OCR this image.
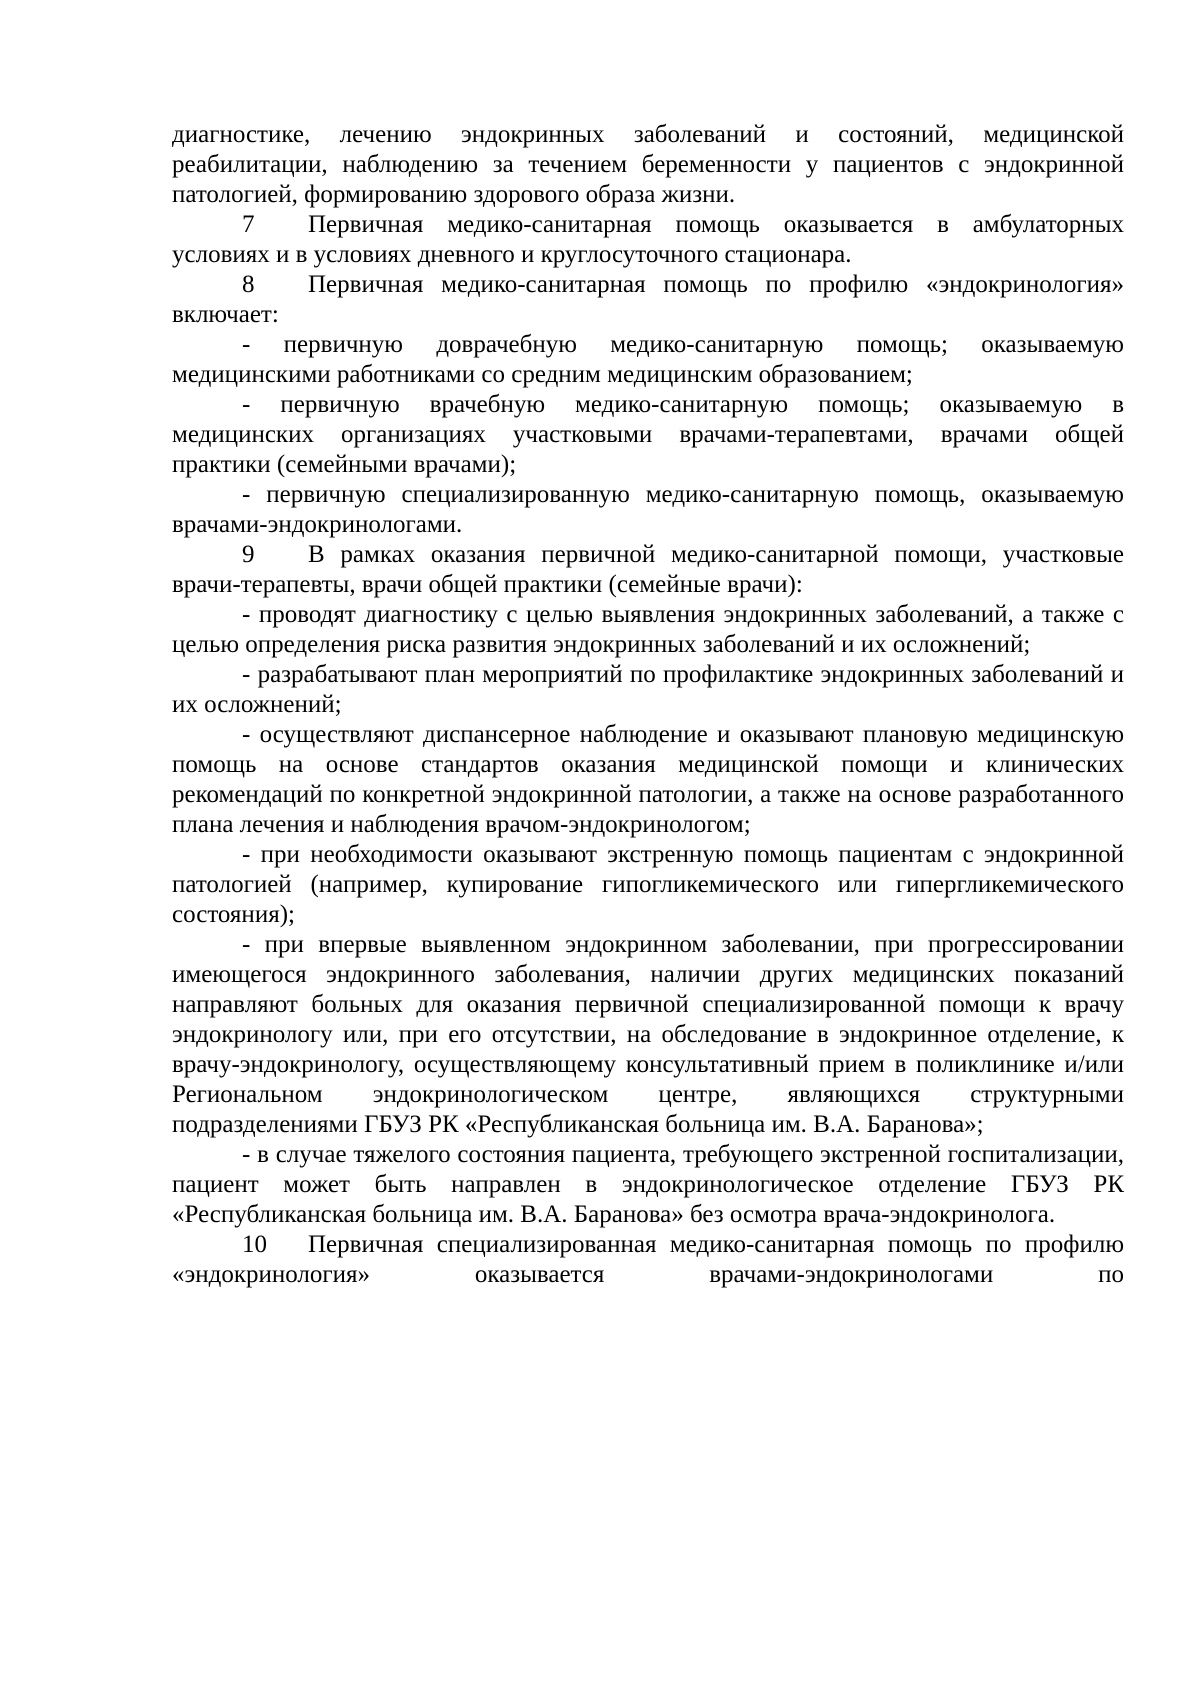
диагностике, лечению эндокринных заболеваний и состояний, медицинской реабилитации, наблюдению за течением беременности у пациентов с эндокринной патологией, формированию здорового образа жизни.

7 Первичная медико-санитарная помощь оказывается в амбулаторных условиях и в условиях дневного и круглосуточного стационара.

8 Первичная медико-санитарная помощь по профилю «эндокринология» включает:

- первичную доврачебную медико-санитарную помощь; оказываемую медицинскими работниками со средним медицинским образованием;

- первичную врачебную медико-санитарную помощь; оказываемую в медицинских организациях участковыми врачами-терапевтами, врачами общей практики (семейными врачами);

- первичную специализированную медико-санитарную помощь, оказываемую врачами-эндокринологами.

9 В рамках оказания первичной медико-санитарной помощи, участковые врачи-терапевты, врачи общей практики (семейные врачи):

- проводят диагностику с целью выявления эндокринных заболеваний, а также с целью определения риска развития эндокринных заболеваний и их осложнений;

- разрабатывают план мероприятий по профилактике эндокринных заболеваний и их осложнений;

- осуществляют диспансерное наблюдение и оказывают плановую медицинскую помощь на основе стандартов оказания медицинской помощи и клинических рекомендаций по конкретной эндокринной патологии, а также на основе разработанного плана лечения и наблюдения врачом-эндокринологом;

- при необходимости оказывают экстренную помощь пациентам с эндокринной патологией (например, купирование гипогликемического или гипергликемического состояния);

- при впервые выявленном эндокринном заболевании, при прогрессировании имеющегося эндокринного заболевания, наличии других медицинских показаний направляют больных для оказания первичной специализированной помощи к врачу эндокринологу или, при его отсутствии, на обследование в эндокринное отделение, к врачу-эндокринологу, осуществляющему консультативный прием в поликлинике и/или Региональном эндокринологическом центре, являющихся структурными подразделениями ГБУЗ РК «Республиканская больница им. В.А. Баранова»;

- в случае тяжелого состояния пациента, требующего экстренной госпитализации, пациент может быть направлен в эндокринологическое отделение ГБУЗ РК «Республиканская больница им. В.А. Баранова» без осмотра врача-эндокринолога.

10 Первичная специализированная медико-санитарная помощь по профилю «эндокринология» оказывается врачами-эндокринологами по
